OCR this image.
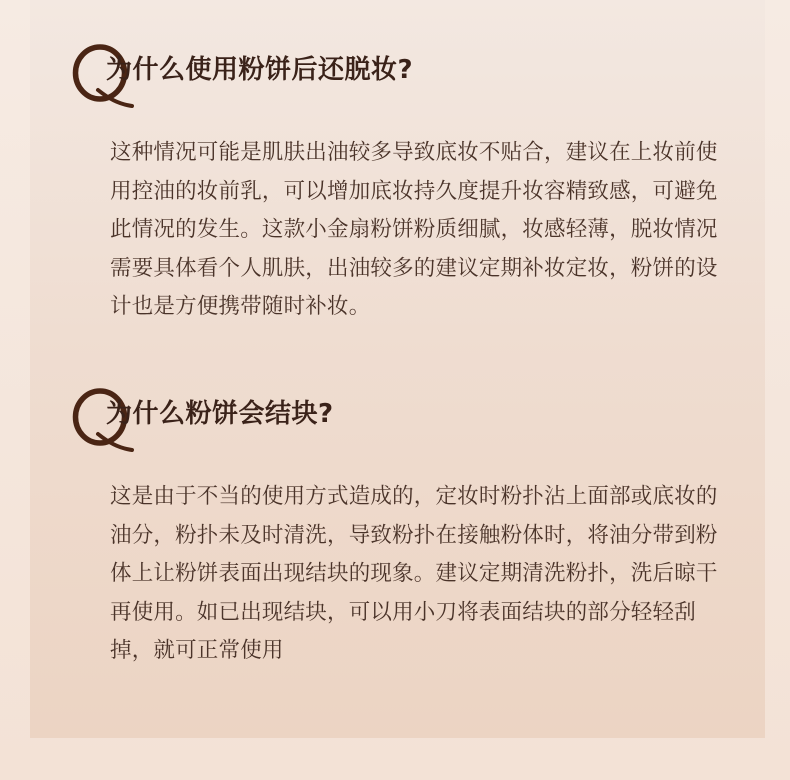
为什么使用粉饼后还脱妆?

这种情况可能是肌肤出油较多导致底妆不贴合，建议在上妆前使用控油的妆前乳，可以增加底妆持久度提升妆容精致感，可避免此情况的发生。这款小金扇粉饼粉质细腻，妆感轻薄，脱妆情况需要具体看个人肌肤，出油较多的建议定期补妆定妆，粉饼的设计也是方便携带随时补妆。

为什么粉饼会结块?

这是由于不当的使用方式造成的，定妆时粉扑沾上面部或底妆的油分，粉扑未及时清洗，导致粉扑在接触粉体时，将油分带到粉体上让粉饼表面出现结块的现象。建议定期清洗粉扑，洗后晾干再使用。如已出现结块，可以用小刀将表面结块的部分轻轻刮掉，就可正常使用
